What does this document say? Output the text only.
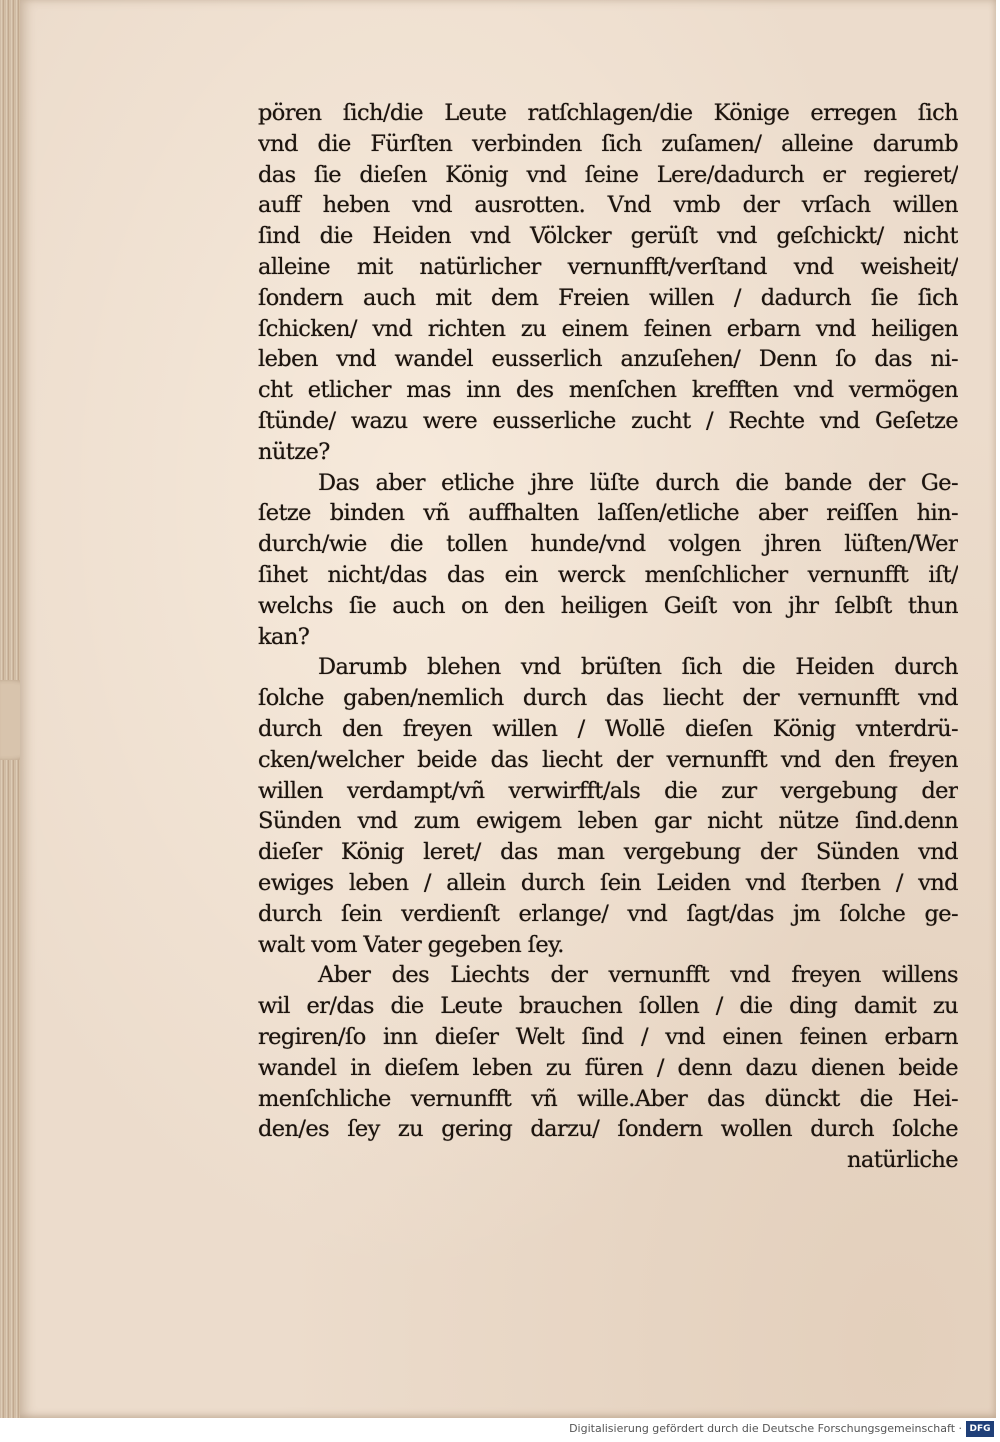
pören ſich/die Leute ratſchlagen/die Könige erregen ſich
vnd die Fürſten verbinden ſich zuſamen/ alleine darumb
das ſie dieſen König vnd ſeine Lere/dadurch er regieret/
auff heben vnd ausrotten. Vnd vmb der vrſach willen
ſind die Heiden vnd Völcker gerüſt vnd geſchickt/ nicht
alleine mit natürlicher vernunfft/verſtand vnd weisheit/
ſondern auch mit dem Freien willen / dadurch ſie ſich
ſchicken/ vnd richten zu einem feinen erbarn vnd heiligen
leben vnd wandel eusserlich anzuſehen/ Denn ſo das ni-
cht etlicher mas inn des menſchen krefften vnd vermögen
ſtünde/ wazu were eusserliche zucht / Rechte vnd Geſetze
nütze?
Das aber etliche jhre lüſte durch die bande der Ge-
ſetze binden vñ auffhalten laſſen/etliche aber reiſſen hin-
durch/wie die tollen hunde/vnd volgen jhren lüſten/Wer
ſihet nicht/das das ein werck menſchlicher vernunfft iſt/
welchs ſie auch on den heiligen Geiſt von jhr ſelbſt thun
kan?
Darumb blehen vnd brüſten ſich die Heiden durch
ſolche gaben/nemlich durch das liecht der vernunfft vnd
durch den freyen willen / Wollē dieſen König vnterdrü-
cken/welcher beide das liecht der vernunfft vnd den freyen
willen verdampt/vñ verwirfft/als die zur vergebung der
Sünden vnd zum ewigem leben gar nicht nütze ſind.denn
dieſer König leret/ das man vergebung der Sünden vnd
ewiges leben / allein durch ſein Leiden vnd ſterben / vnd
durch ſein verdienſt erlange/ vnd ſagt/das jm ſolche ge-
walt vom Vater gegeben ſey.
Aber des Liechts der vernunfft vnd freyen willens
wil er/das die Leute brauchen ſollen / die ding damit zu
regiren/ſo inn dieſer Welt ſind / vnd einen feinen erbarn
wandel in dieſem leben zu füren / denn dazu dienen beide
menſchliche vernunfft vñ wille.Aber das dünckt die Hei-
den/es ſey zu gering darzu/ ſondern wollen durch ſolche
natürliche
Digitalisierung gefördert durch die Deutsche Forschungsgemeinschaft · DFG
